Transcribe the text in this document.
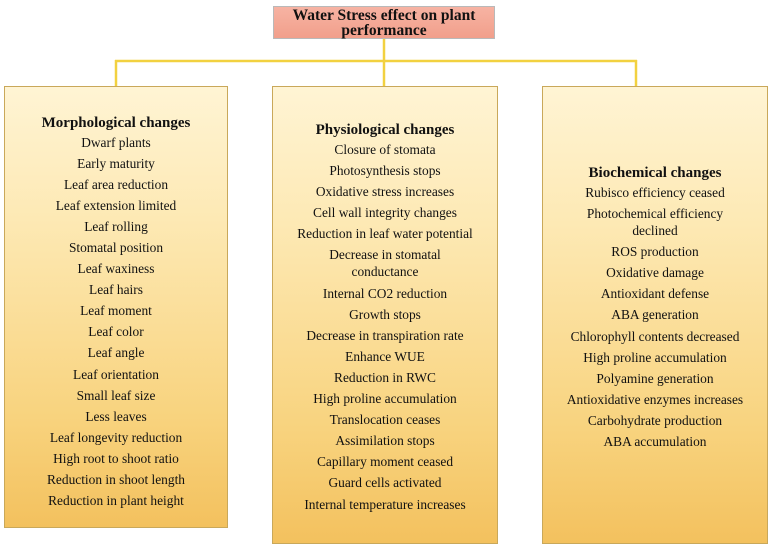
Water Stress effect on plant performance
Morphological changes
Dwarf plants
Early maturity
Leaf area reduction
Leaf extension limited
Leaf rolling
Stomatal position
Leaf waxiness
Leaf hairs
Leaf moment
Leaf color
Leaf angle
Leaf orientation
Small leaf size
Less leaves
Leaf longevity reduction
High root to shoot ratio
Reduction in shoot length
Reduction in plant height
Physiological changes
Closure of stomata
Photosynthesis stops
Oxidative stress increases
Cell wall integrity changes
Reduction in leaf water potential
Decrease in stomatal conductance
Internal CO2 reduction
Growth stops
Decrease in transpiration rate
Enhance WUE
Reduction in RWC
High proline accumulation
Translocation ceases
Assimilation stops
Capillary moment ceased
Guard cells activated
Internal temperature increases
Biochemical changes
Rubisco efficiency ceased
Photochemical efficiency declined
ROS production
Oxidative damage
Antioxidant defense
ABA generation
Chlorophyll contents decreased
High proline accumulation
Polyamine generation
Antioxidative enzymes increases
Carbohydrate production
ABA accumulation
